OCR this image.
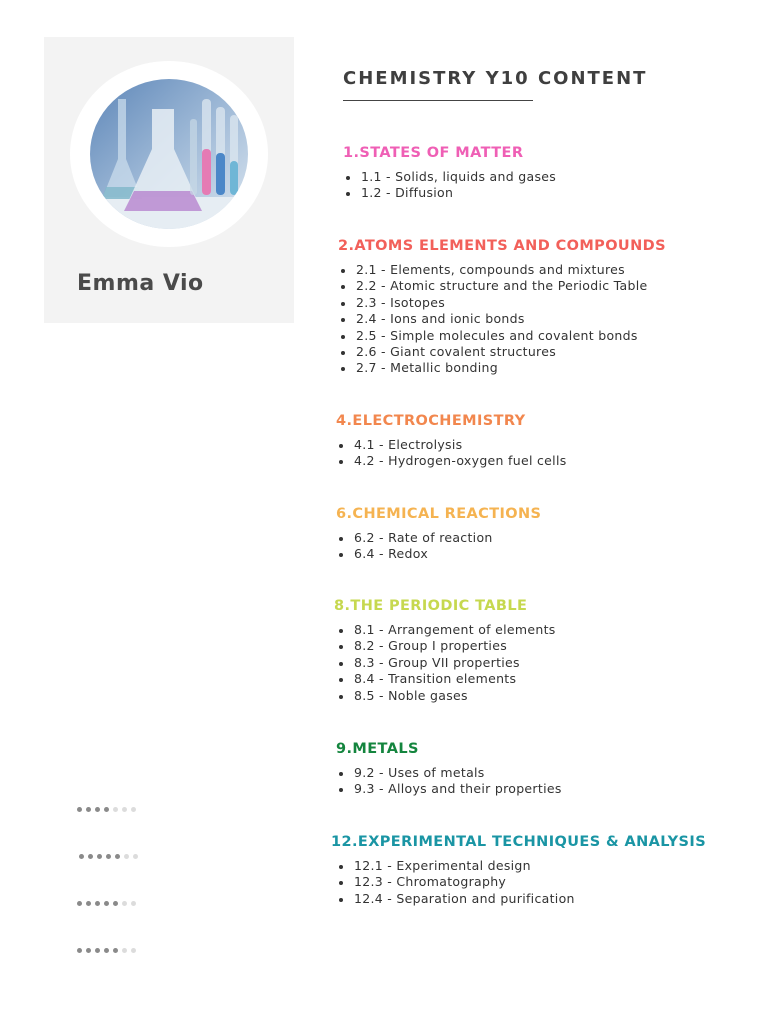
Emma Vio
CHEMISTRY Y10 CONTENT
1.STATES OF MATTER
1.1 - Solids, liquids and gases
1.2 - Diffusion
2.ATOMS ELEMENTS AND COMPOUNDS
2.1 - Elements, compounds and mixtures
2.2 - Atomic structure and the Periodic Table
2.3 - Isotopes
2.4 - Ions and ionic bonds
2.5 - Simple molecules and covalent bonds
2.6 - Giant covalent structures
2.7 - Metallic bonding
4.ELECTROCHEMISTRY
4.1 - Electrolysis
4.2 - Hydrogen-oxygen fuel cells
6.CHEMICAL REACTIONS
6.2 - Rate of reaction
6.4 - Redox
8.THE PERIODIC TABLE
8.1 - Arrangement of elements
8.2 - Group I properties
8.3 - Group VII properties
8.4 - Transition elements
8.5 - Noble gases
9.METALS
9.2 - Uses of metals
9.3 - Alloys and their properties
12.EXPERIMENTAL TECHNIQUES & ANALYSIS
12.1 - Experimental design
12.3 - Chromatography
12.4 - Separation and purification
